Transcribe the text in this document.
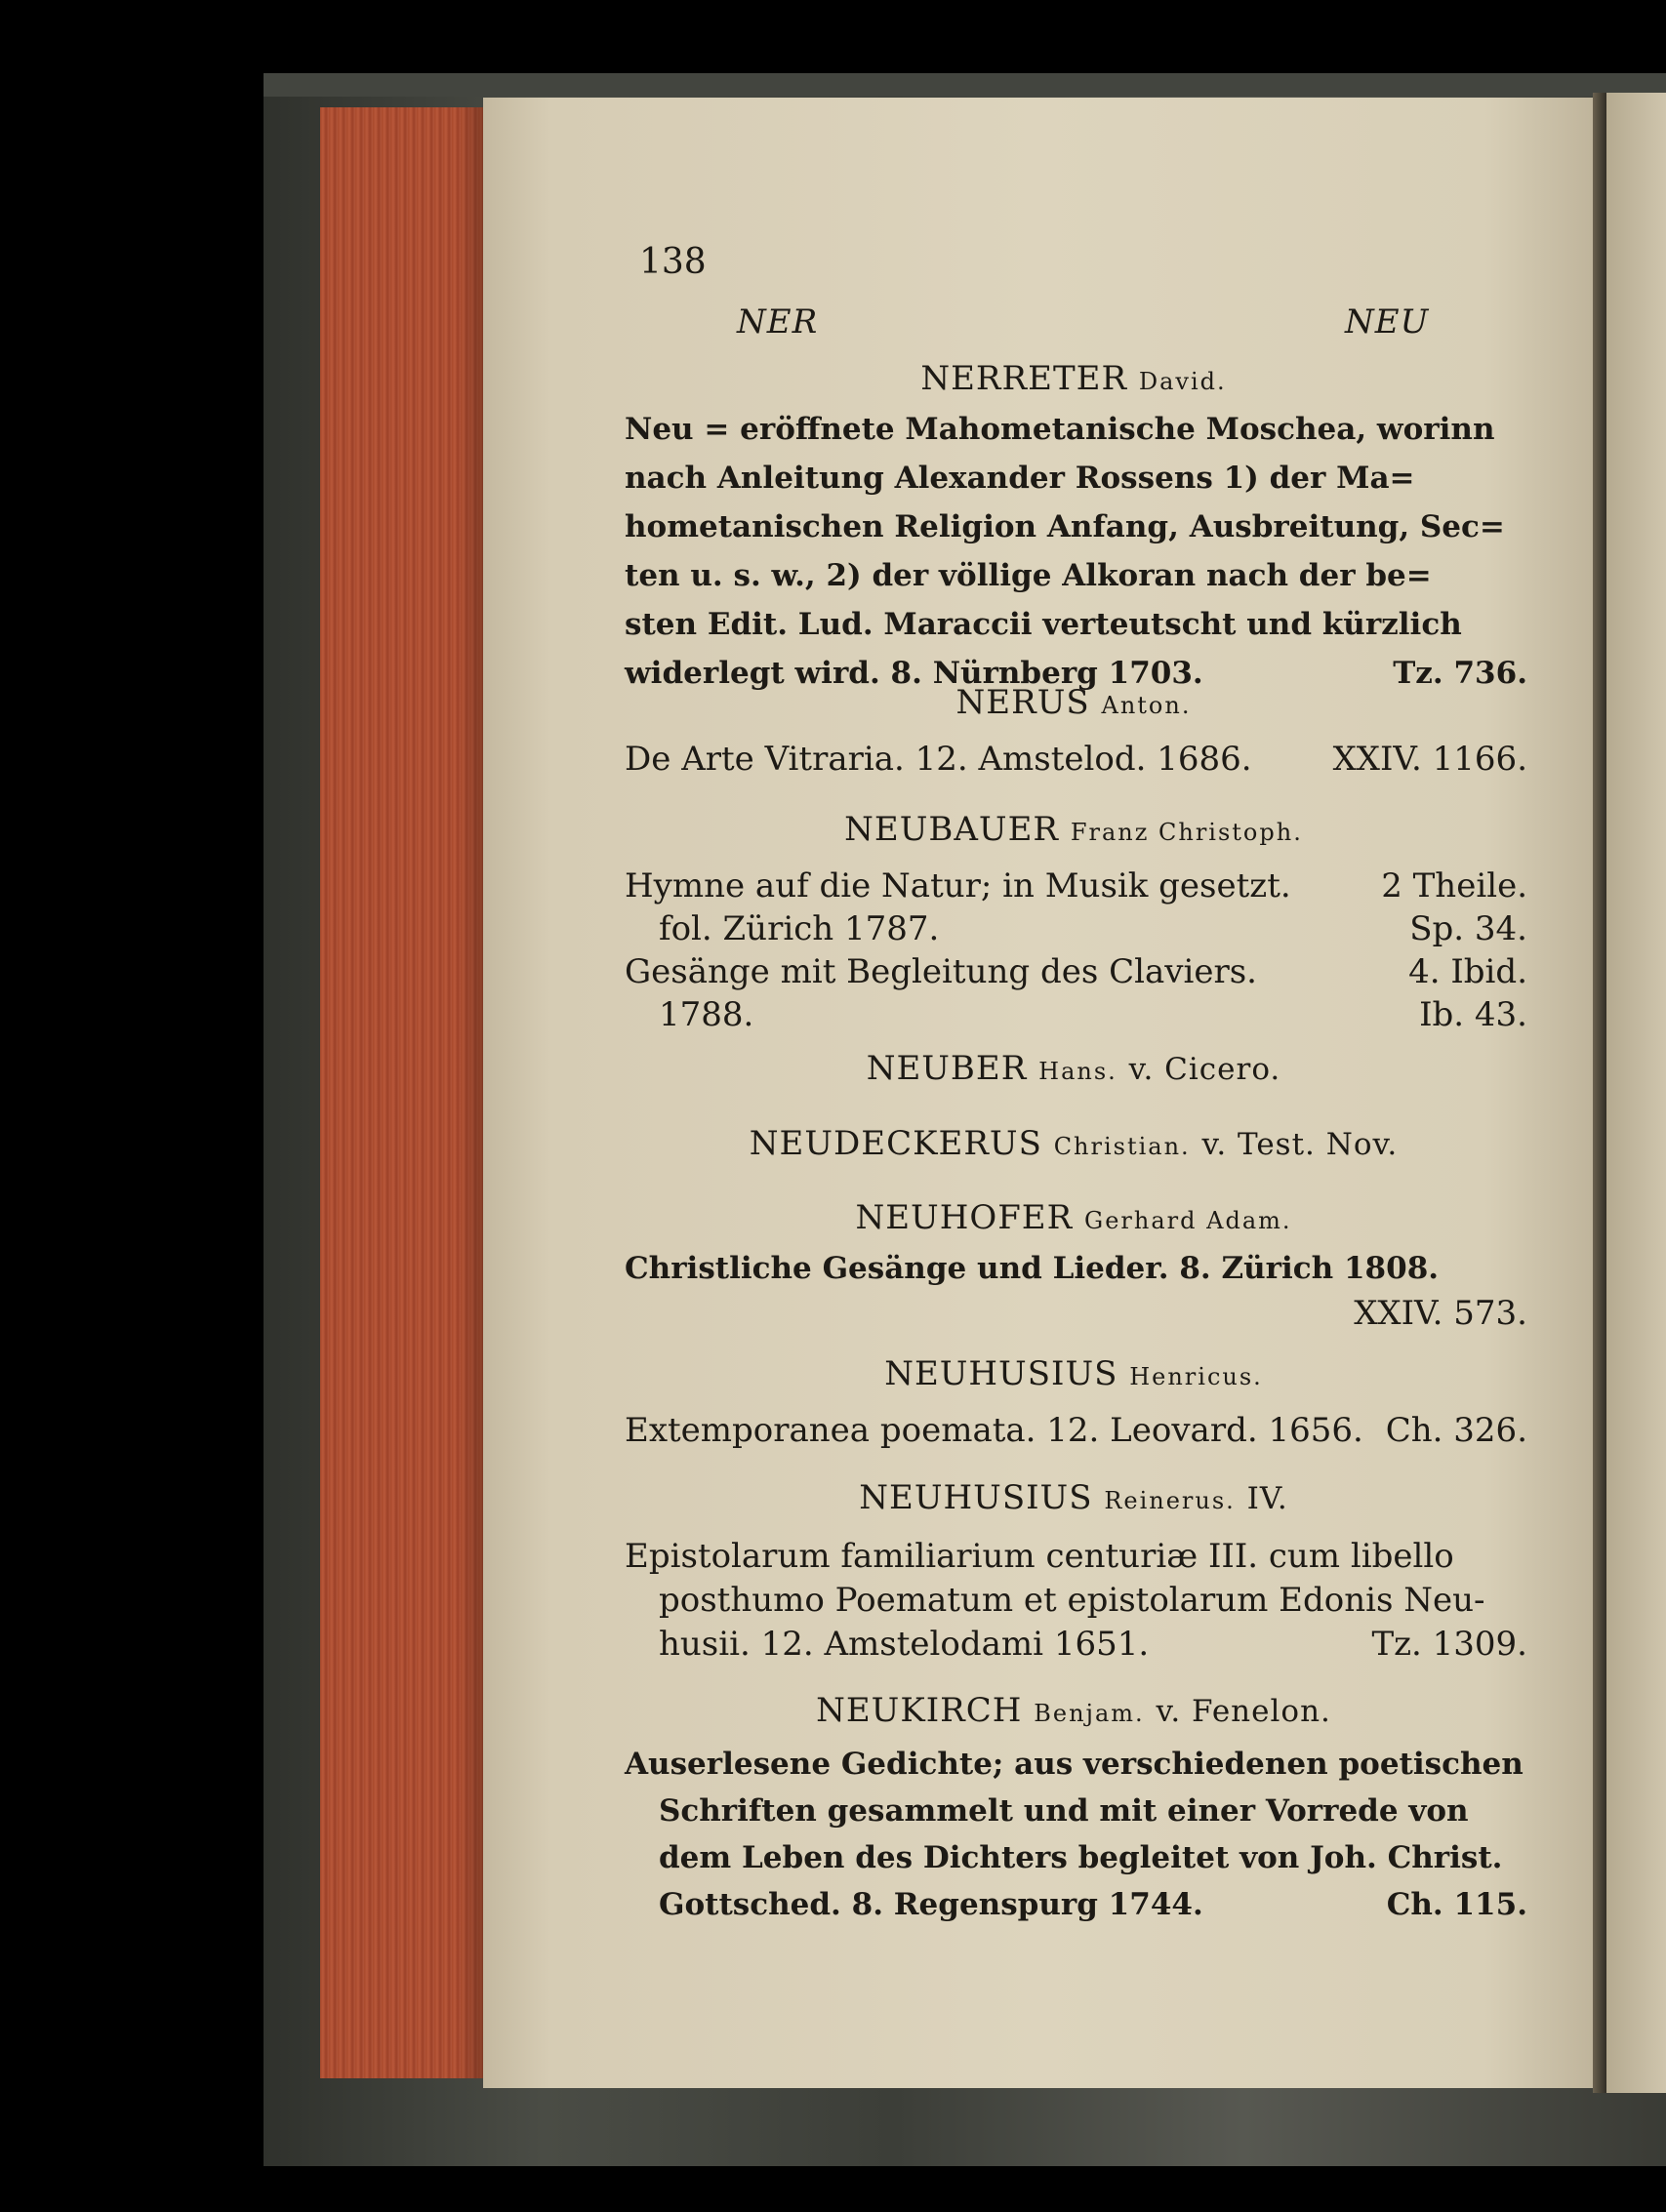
138
NER	NEU
NERRETER David.
Neu = eröffnete Mahometanische Moschea, worinn
nach Anleitung Alexander Rossens 1) der Ma=
hometanischen Religion Anfang, Ausbreitung, Sec=
ten u. s. w., 2) der völlige Alkoran nach der be=
sten Edit. Lud. Maraccii verteutscht und kürzlich
widerlegt wird. 8. Nürnberg 1703.	Tz. 736.
NERUS Anton.
De Arte Vitraria. 12. Amstelod. 1686. XXIV. 1166.
NEUBAUER Franz Christoph.
Hymne auf die Natur; in Musik gesetzt.	2 Theile.
fol. Zürich 1787.	Sp. 34.
Gesänge mit Begleitung des Claviers.	4. Ibid.
1788.	Ib. 43.
NEUBER Hans. v. Cicero.
NEUDECKERUS Christian. v. Test. Nov.
NEUHOFER Gerhard Adam.
Christliche Gesänge und Lieder. 8. Zürich 1808.
XXIV. 573.
NEUHUSIUS Henricus.
Extemporanea poemata. 12. Leovard. 1656. Ch. 326.
NEUHUSIUS Reinerus. IV.
Epistolarum familiarium centuriæ III. cum libello
posthumo Poematum et epistolarum Edonis Neu-
husii. 12. Amstelodami 1651.	Tz. 1309.
NEUKIRCH Benjam. v. Fenelon.
Auserlesene Gedichte; aus verschiedenen poetischen
Schriften gesammelt und mit einer Vorrede von
dem Leben des Dichters begleitet von Joh. Christ.
Gottsched. 8. Regenspurg 1744.	Ch. 115.
